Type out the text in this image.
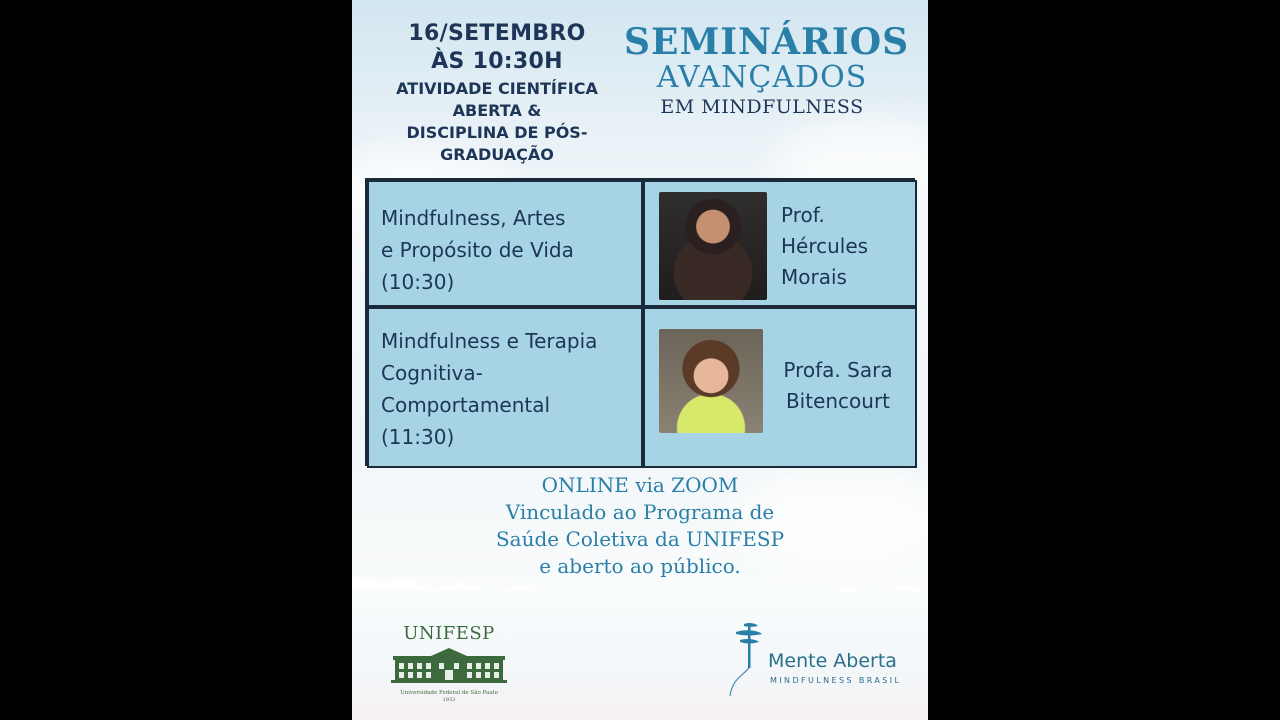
16/SETEMBRO
ÀS 10:30H
ATIVIDADE CIENTÍFICA
ABERTA &
DISCIPLINA DE PÓS-
GRADUAÇÃO
SEMINÁRIOS
AVANÇADOS
EM MINDFULNESS
Mindfulness, Artes
e Propósito de Vida
(10:30)
Prof.
Hércules
Morais
Mindfulness e Terapia
Cognitiva-
Comportamental
(11:30)
Profa. Sara
Bitencourt
ONLINE via ZOOM
Vinculado ao Programa de
Saúde Coletiva da UNIFESP
e aberto ao público.
UNIFESP
Universidade Federal de São Paulo
1933
Mente Aberta
MINDFULNESS BRASIL
